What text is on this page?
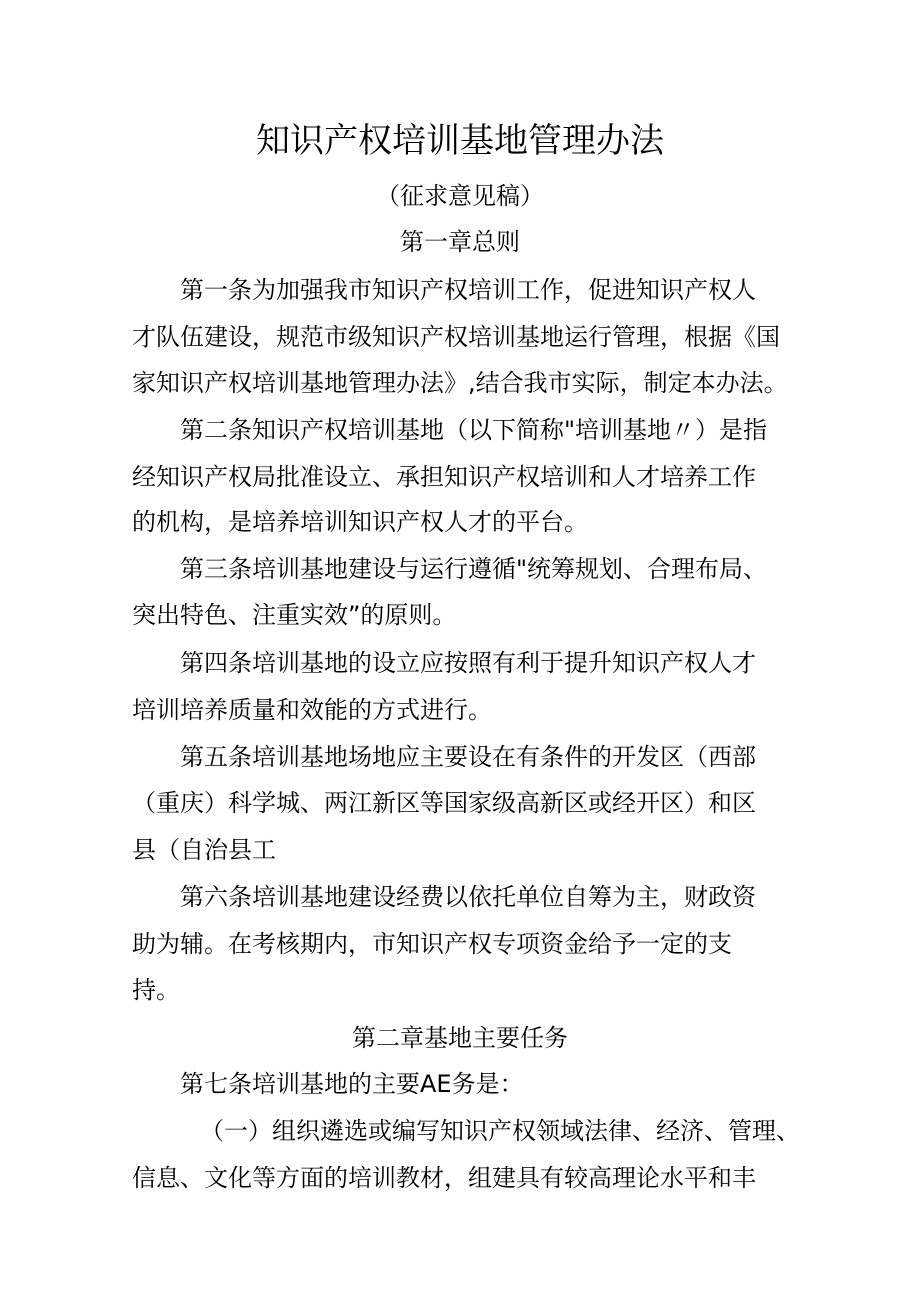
知识产权培训基地管理办法
（征求意见稿）
第一章总则
第一条为加强我市知识产权培训工作，促进知识产权人
才队伍建设，规范市级知识产权培训基地运行管理，根据《国
家知识产权培训基地管理办法》,结合我市实际，制定本办法。
第二条知识产权培训基地（以下简称"培训基地〃）是指
经知识产权局批准设立、承担知识产权培训和人才培养工作
的机构，是培养培训知识产权人才的平台。
第三条培训基地建设与运行遵循"统筹规划、合理布局、
突出特色、注重实效”的原则。
第四条培训基地的设立应按照有利于提升知识产权人才
培训培养质量和效能的方式进行。
第五条培训基地场地应主要设在有条件的开发区（西部
（重庆）科学城、两江新区等国家级高新区或经开区）和区
县（自治县工
第六条培训基地建设经费以依托单位自筹为主，财政资
助为辅。在考核期内，市知识产权专项资金给予一定的支
持。
第二章基地主要任务
第七条培训基地的主要AE务是：
（一）组织遴选或编写知识产权领域法律、经济、管理、
信息、文化等方面的培训教材，组建具有较高理论水平和丰
